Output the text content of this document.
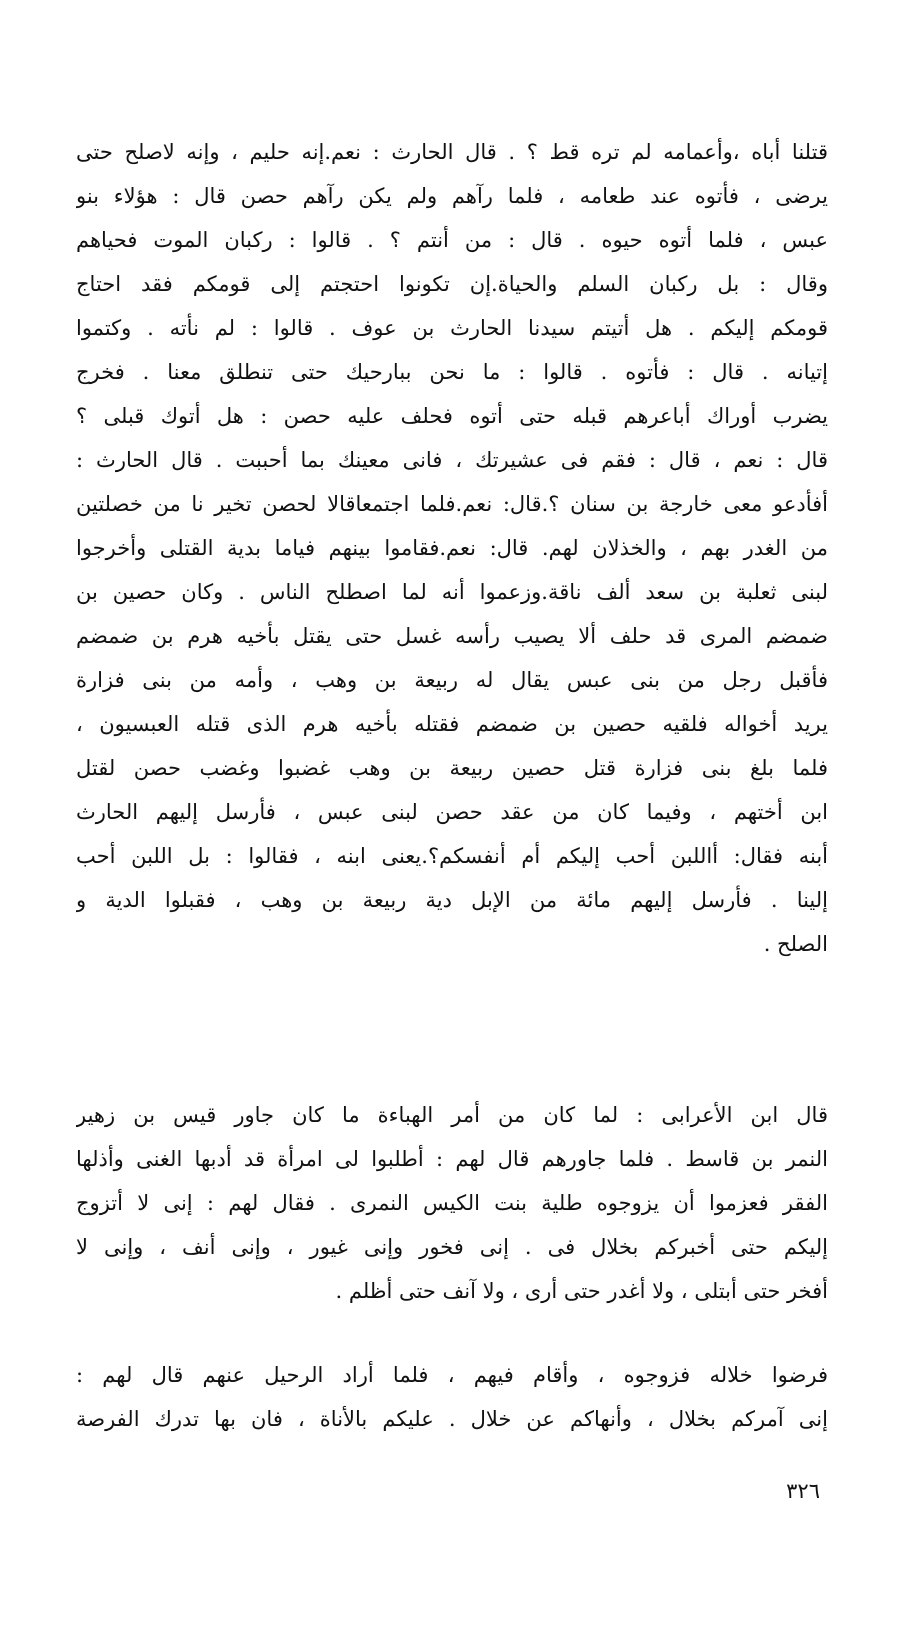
قتلنا أباه ،وأعمامه لم تره قط ؟ . قال الحارث : نعم.إنه حليم ، وإنه لاصلح حتى
يرضى ، فأتوه عند طعامه ، فلما رآهم ولم يكن رآهم حصن قال : هؤلاء بنو
عبس ، فلما أتوه حيوه . قال : من أنتم ؟ . قالوا : ركبان الموت فحياهم
وقال : بل ركبان السلم والحياة.إن تكونوا احتجتم إلى قومكم فقد احتاج
قومكم إليكم . هل أتيتم سيدنا الحارث بن عوف . قالوا : لم نأته . وكتموا
إتيانه . قال : فأتوه . قالوا : ما نحن ببارحيك حتى تنطلق معنا . فخرج
يضرب أوراك أباعرهم قبله حتى أتوه فحلف عليه حصن : هل أتوك قبلى ؟
قال : نعم ، قال : فقم فى عشيرتك ، فانى معينك بما أحببت . قال الحارث :
أفأدعو معى خارجة بن سنان ؟.قال: نعم.فلما اجتمعاقالا لحصن تخير نا من خصلتين
من الغدر بهم ، والخذلان لهم. قال: نعم.فقاموا بينهم فياما بدية القتلى وأخرجوا
لبنى ثعلبة بن سعد ألف ناقة.وزعموا أنه لما اصطلح الناس . وكان حصين بن
ضمضم المرى قد حلف ألا يصيب رأسه غسل حتى يقتل بأخيه هرم بن ضمضم
فأقبل رجل من بنى عبس يقال له ربيعة بن وهب ، وأمه من بنى فزارة
يريد أخواله فلقيه حصين بن ضمضم فقتله بأخيه هرم الذى قتله العبسيون ،
فلما بلغ بنى فزارة قتل حصين ربيعة بن وهب غضبوا وغضب حصن لقتل
ابن أختهم ، وفيما كان من عقد حصن لبنى عبس ، فأرسل إليهم الحارث
أبنه فقال: أاللبن أحب إليكم أم أنفسكم؟.يعنى ابنه ، فقالوا : بل اللبن أحب
إلينا . فأرسل إليهم مائة من الإبل دية ربيعة بن وهب ، فقبلوا الدية و
الصلح .
قال ابن الأعرابى : لما كان من أمر الهباءة ما كان جاور قيس بن زهير
النمر بن قاسط . فلما جاورهم قال لهم : أطلبوا لى امرأة قد أدبها الغنى وأذلها
الفقر فعزموا أن يزوجوه طلية بنت الكيس النمرى . فقال لهم : إنى لا أتزوج
إليكم حتى أخبركم بخلال فى . إنى فخور وإنى غيور ، وإنى أنف ، وإنى لا
أفخر حتى أبتلى ، ولا أغدر حتى أرى ، ولا آنف حتى أظلم .
فرضوا خلاله فزوجوه ، وأقام فيهم ، فلما أراد الرحيل عنهم قال لهم :
إنى آمركم بخلال ، وأنهاكم عن خلال . عليكم بالأناة ، فان بها تدرك الفرصة
٣٢٦
